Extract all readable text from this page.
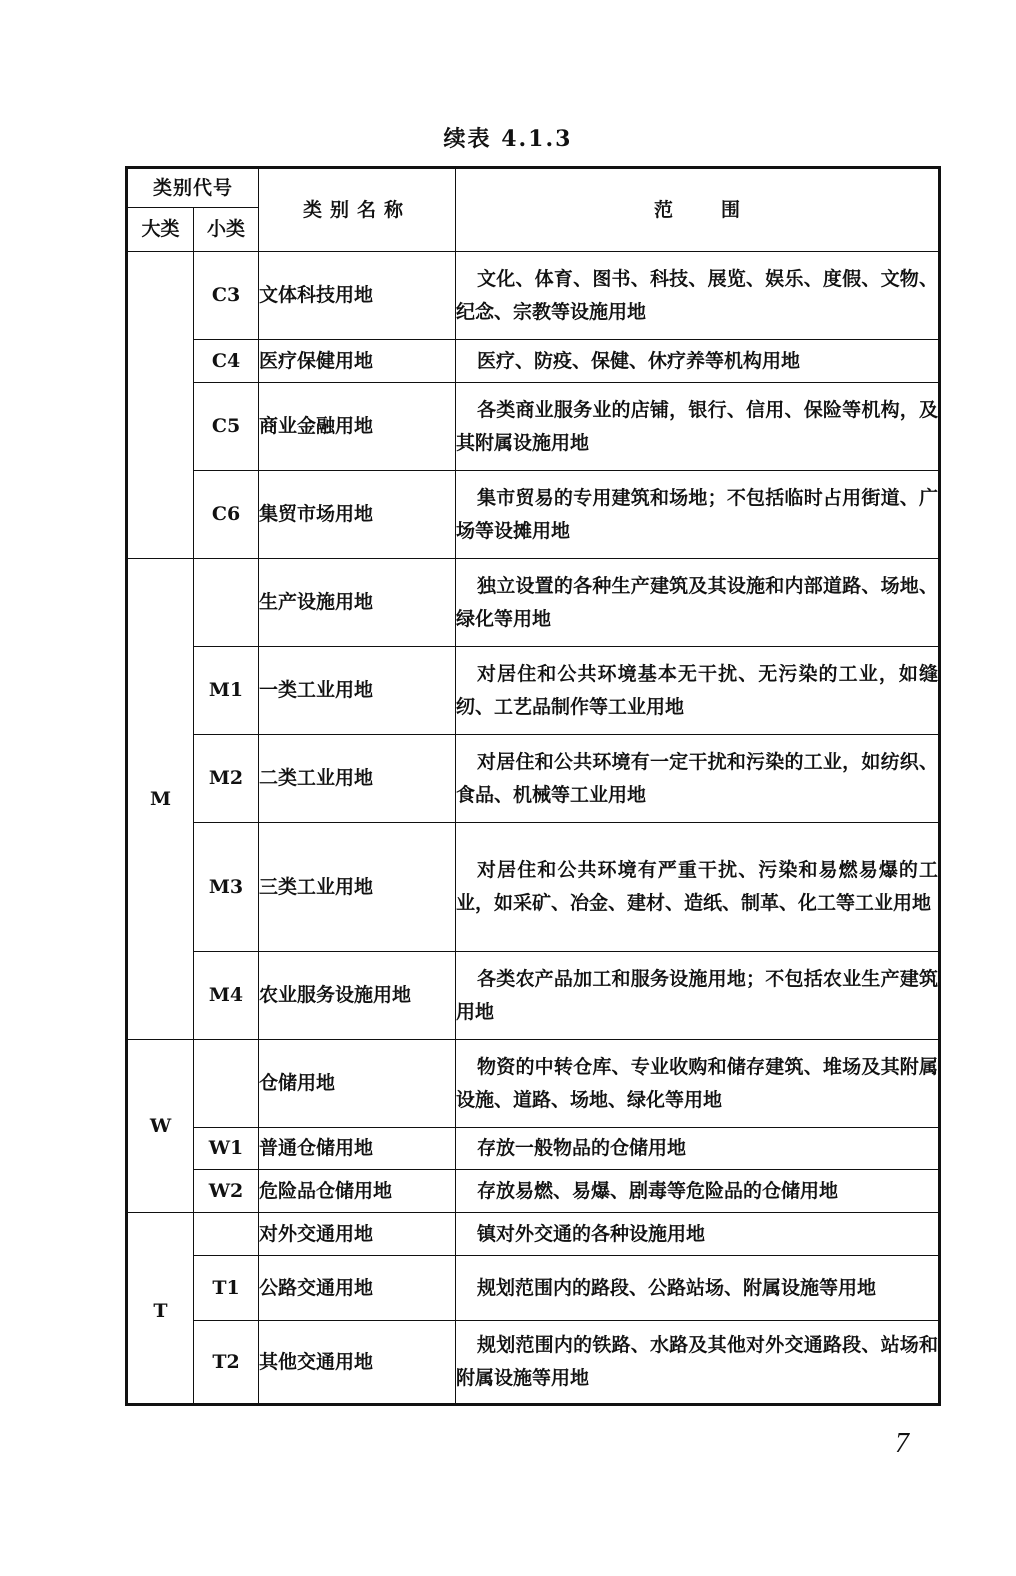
续表 4.1.3
类别代号		类别名称	范 围
大类	小类		
	C3	文体科技用地	文化、体育、图书、科技、展览、娱乐、度假、文物、纪念、宗教等设施用地
	C4	医疗保健用地	医疗、防疫、保健、休疗养等机构用地
	C5	商业金融用地	各类商业服务业的店铺，银行、信用、保险等机构，及其附属设施用地
	C6	集贸市场用地	集市贸易的专用建筑和场地；不包括临时占用街道、广场等设摊用地
M		生产设施用地	独立设置的各种生产建筑及其设施和内部道路、场地、绿化等用地
	M1	一类工业用地	对居住和公共环境基本无干扰、无污染的工业，如缝纫、工艺品制作等工业用地
	M2	二类工业用地	对居住和公共环境有一定干扰和污染的工业，如纺织、食品、机械等工业用地
	M3	三类工业用地	对居住和公共环境有严重干扰、污染和易燃易爆的工业，如采矿、冶金、建材、造纸、制革、化工等工业用地
	M4	农业服务设施用地	各类农产品加工和服务设施用地；不包括农业生产建筑用地
W		仓储用地	物资的中转仓库、专业收购和储存建筑、堆场及其附属设施、道路、场地、绿化等用地
	W1	普通仓储用地	存放一般物品的仓储用地
	W2	危险品仓储用地	存放易燃、易爆、剧毒等危险品的仓储用地
T		对外交通用地	镇对外交通的各种设施用地
	T1	公路交通用地	规划范围内的路段、公路站场、附属设施等用地
	T2	其他交通用地	规划范围内的铁路、水路及其他对外交通路段、站场和附属设施等用地
7
